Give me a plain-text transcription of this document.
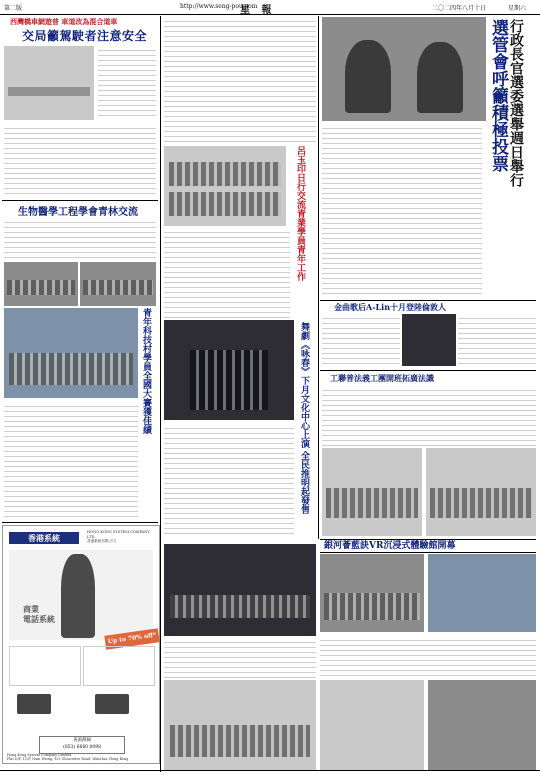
第二版	http://www.seng-pou.com
星 報	二〇二四年八月十日	星期六
西灣橋車網遊普 車道改為混合道車
交局籲駕駛者注意安全
生物醫學工程學會青林交流
青年科技村學員全國大賽獲佳績
香港系統
HONG KONG SYSTEM COMPANY LTD.
香港系統有限公司
商業
電話系統
Up to 70% off*
查詢熱線
(853) 6660 0098
Hong Kong System Company Limited
Flat D/F, 11/F, Nam Yeung, 129 Gloucester Road, Wanchai, Hong Kong
呂玉印日行交流青業學員青年工作
舞劇《咏春》下月文化中心上演 全民推明起發售
行政長官選委選舉週日舉行
選管會呼籲積極投票
金曲歌后A-Lin十月登陸倫敦人
工聯普法義工團開班拓廣法識
銀河薈藍訣VR沉浸式體驗館開幕
